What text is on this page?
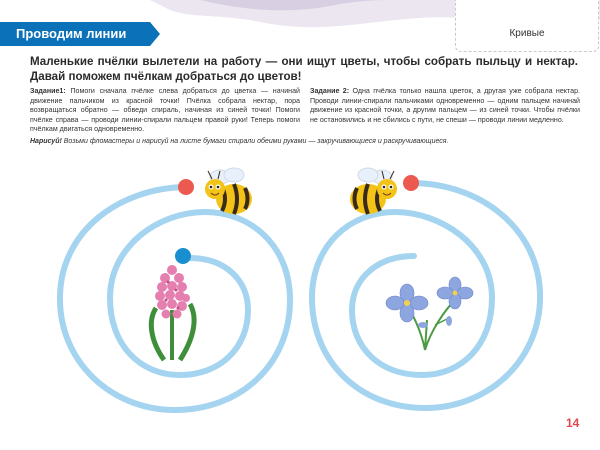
Проводим линии	Кривые
Маленькие пчёлки вылетели на работу — они ищут цветы, чтобы собрать пыльцу и нектар. Давай поможем пчёлкам добраться до цветов!
Задание1: Помоги сначала пчёлке слева добраться до цветка — начинай движение пальчиком из красной точки! Пчёлка собрала нектар, пора возвращаться обратно — обведи спираль, начиная из синей точки! Помоги пчёлке справа — проводи линии-спирали пальцем правой руки! Теперь помоги пчёлкам двигаться одновременно.
Задание 2: Одна пчёлка только нашла цветок, а другая уже собрала нектар. Проводи линии-спирали пальчиками одновременно — одним пальцем начинай движение из красной точки, а другим пальцем — из синей точки. Чтобы пчёлки не остановились и не сбились с пути, не спеши — проводи линии медленно.
Нарисуй! Возьми фломастеры и нарисуй на листе бумаги спирали обеими руками — закручивающиеся и раскручивающиеся.
14
